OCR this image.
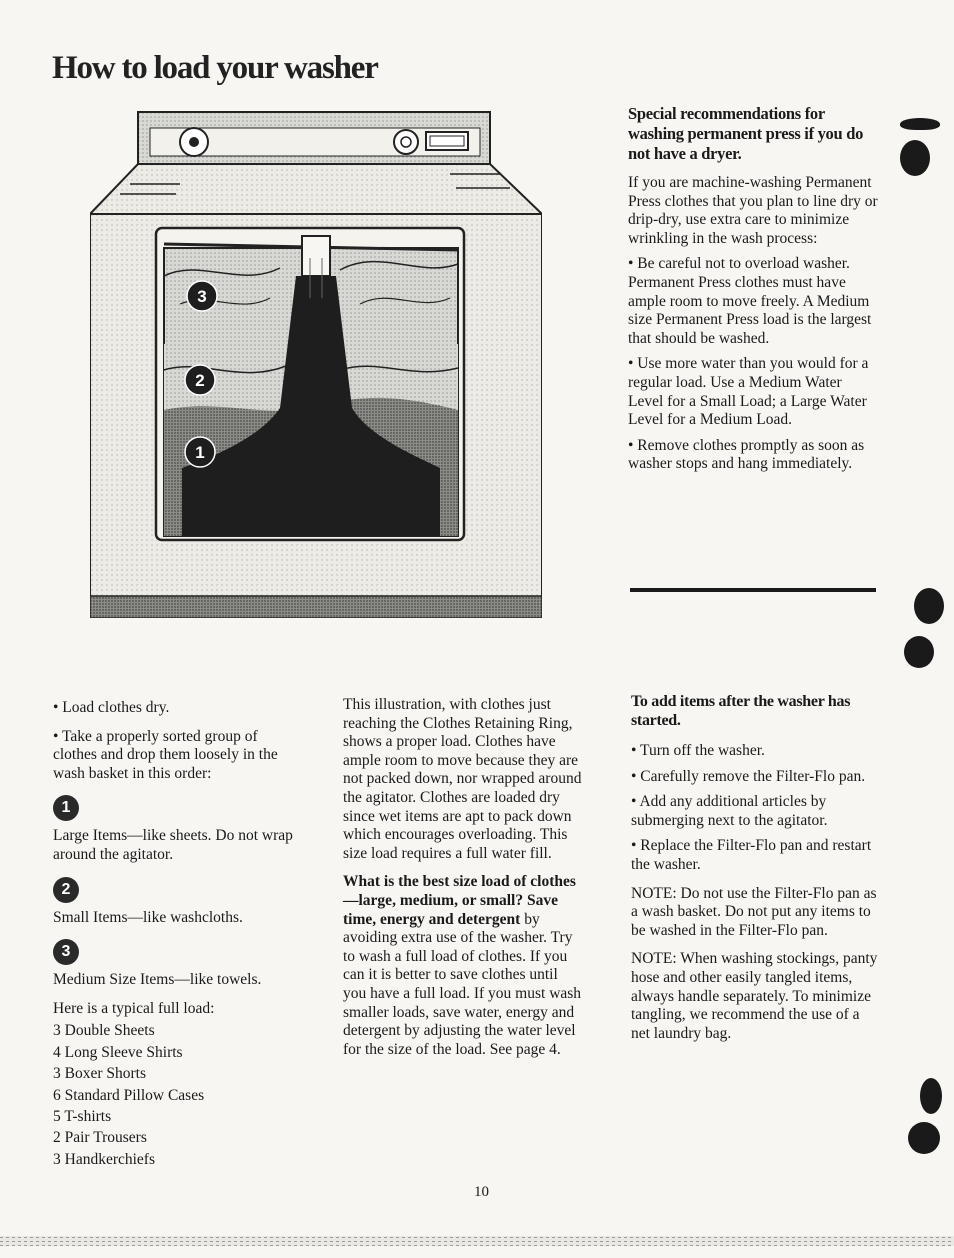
How to load your washer
3
2
1
Special recommendations for washing permanent press if you do not have a dryer.

If you are machine-washing Permanent Press clothes that you plan to line dry or drip-dry, use extra care to minimize wrinkling in the wash process:

• Be careful not to overload washer. Permanent Press clothes must have ample room to move freely. A Medium size Permanent Press load is the largest that should be washed.

• Use more water than you would for a regular load. Use a Medium Water Level for a Small Load; a Large Water Level for a Medium Load.

• Remove clothes promptly as soon as washer stops and hang immediately.

• Load clothes dry.

• Take a properly sorted group of clothes and drop them loosely in the wash basket in this order:

1

Large Items—like sheets. Do not wrap around the agitator.

2

Small Items—like washcloths.

3

Medium Size Items—like towels.

Here is a typical full load:

3 Double Sheets
4 Long Sleeve Shirts
3 Boxer Shorts
6 Standard Pillow Cases
5 T-shirts
2 Pair Trousers
3 Handkerchiefs

This illustration, with clothes just reaching the Clothes Retaining Ring, shows a proper load. Clothes have ample room to move because they are not packed down, nor wrapped around the agitator. Clothes are loaded dry since wet items are apt to pack down which encourages overloading. This size load requires a full water fill.

What is the best size load of clothes—large, medium, or small? Save time, energy and detergent by avoiding extra use of the washer. Try to wash a full load of clothes. If you can it is better to save clothes until you have a full load. If you must wash smaller loads, save water, energy and detergent by adjusting the water level for the size of the load. See page 4.

To add items after the washer has started.

• Turn off the washer.

• Carefully remove the Filter-Flo pan.

• Add any additional articles by submerging next to the agitator.

• Replace the Filter-Flo pan and restart the washer.

NOTE: Do not use the Filter-Flo pan as a wash basket. Do not put any items to be washed in the Filter-Flo pan.

NOTE: When washing stockings, panty hose and other easily tangled items, always handle separately. To minimize tangling, we recommend the use of a net laundry bag.

10
